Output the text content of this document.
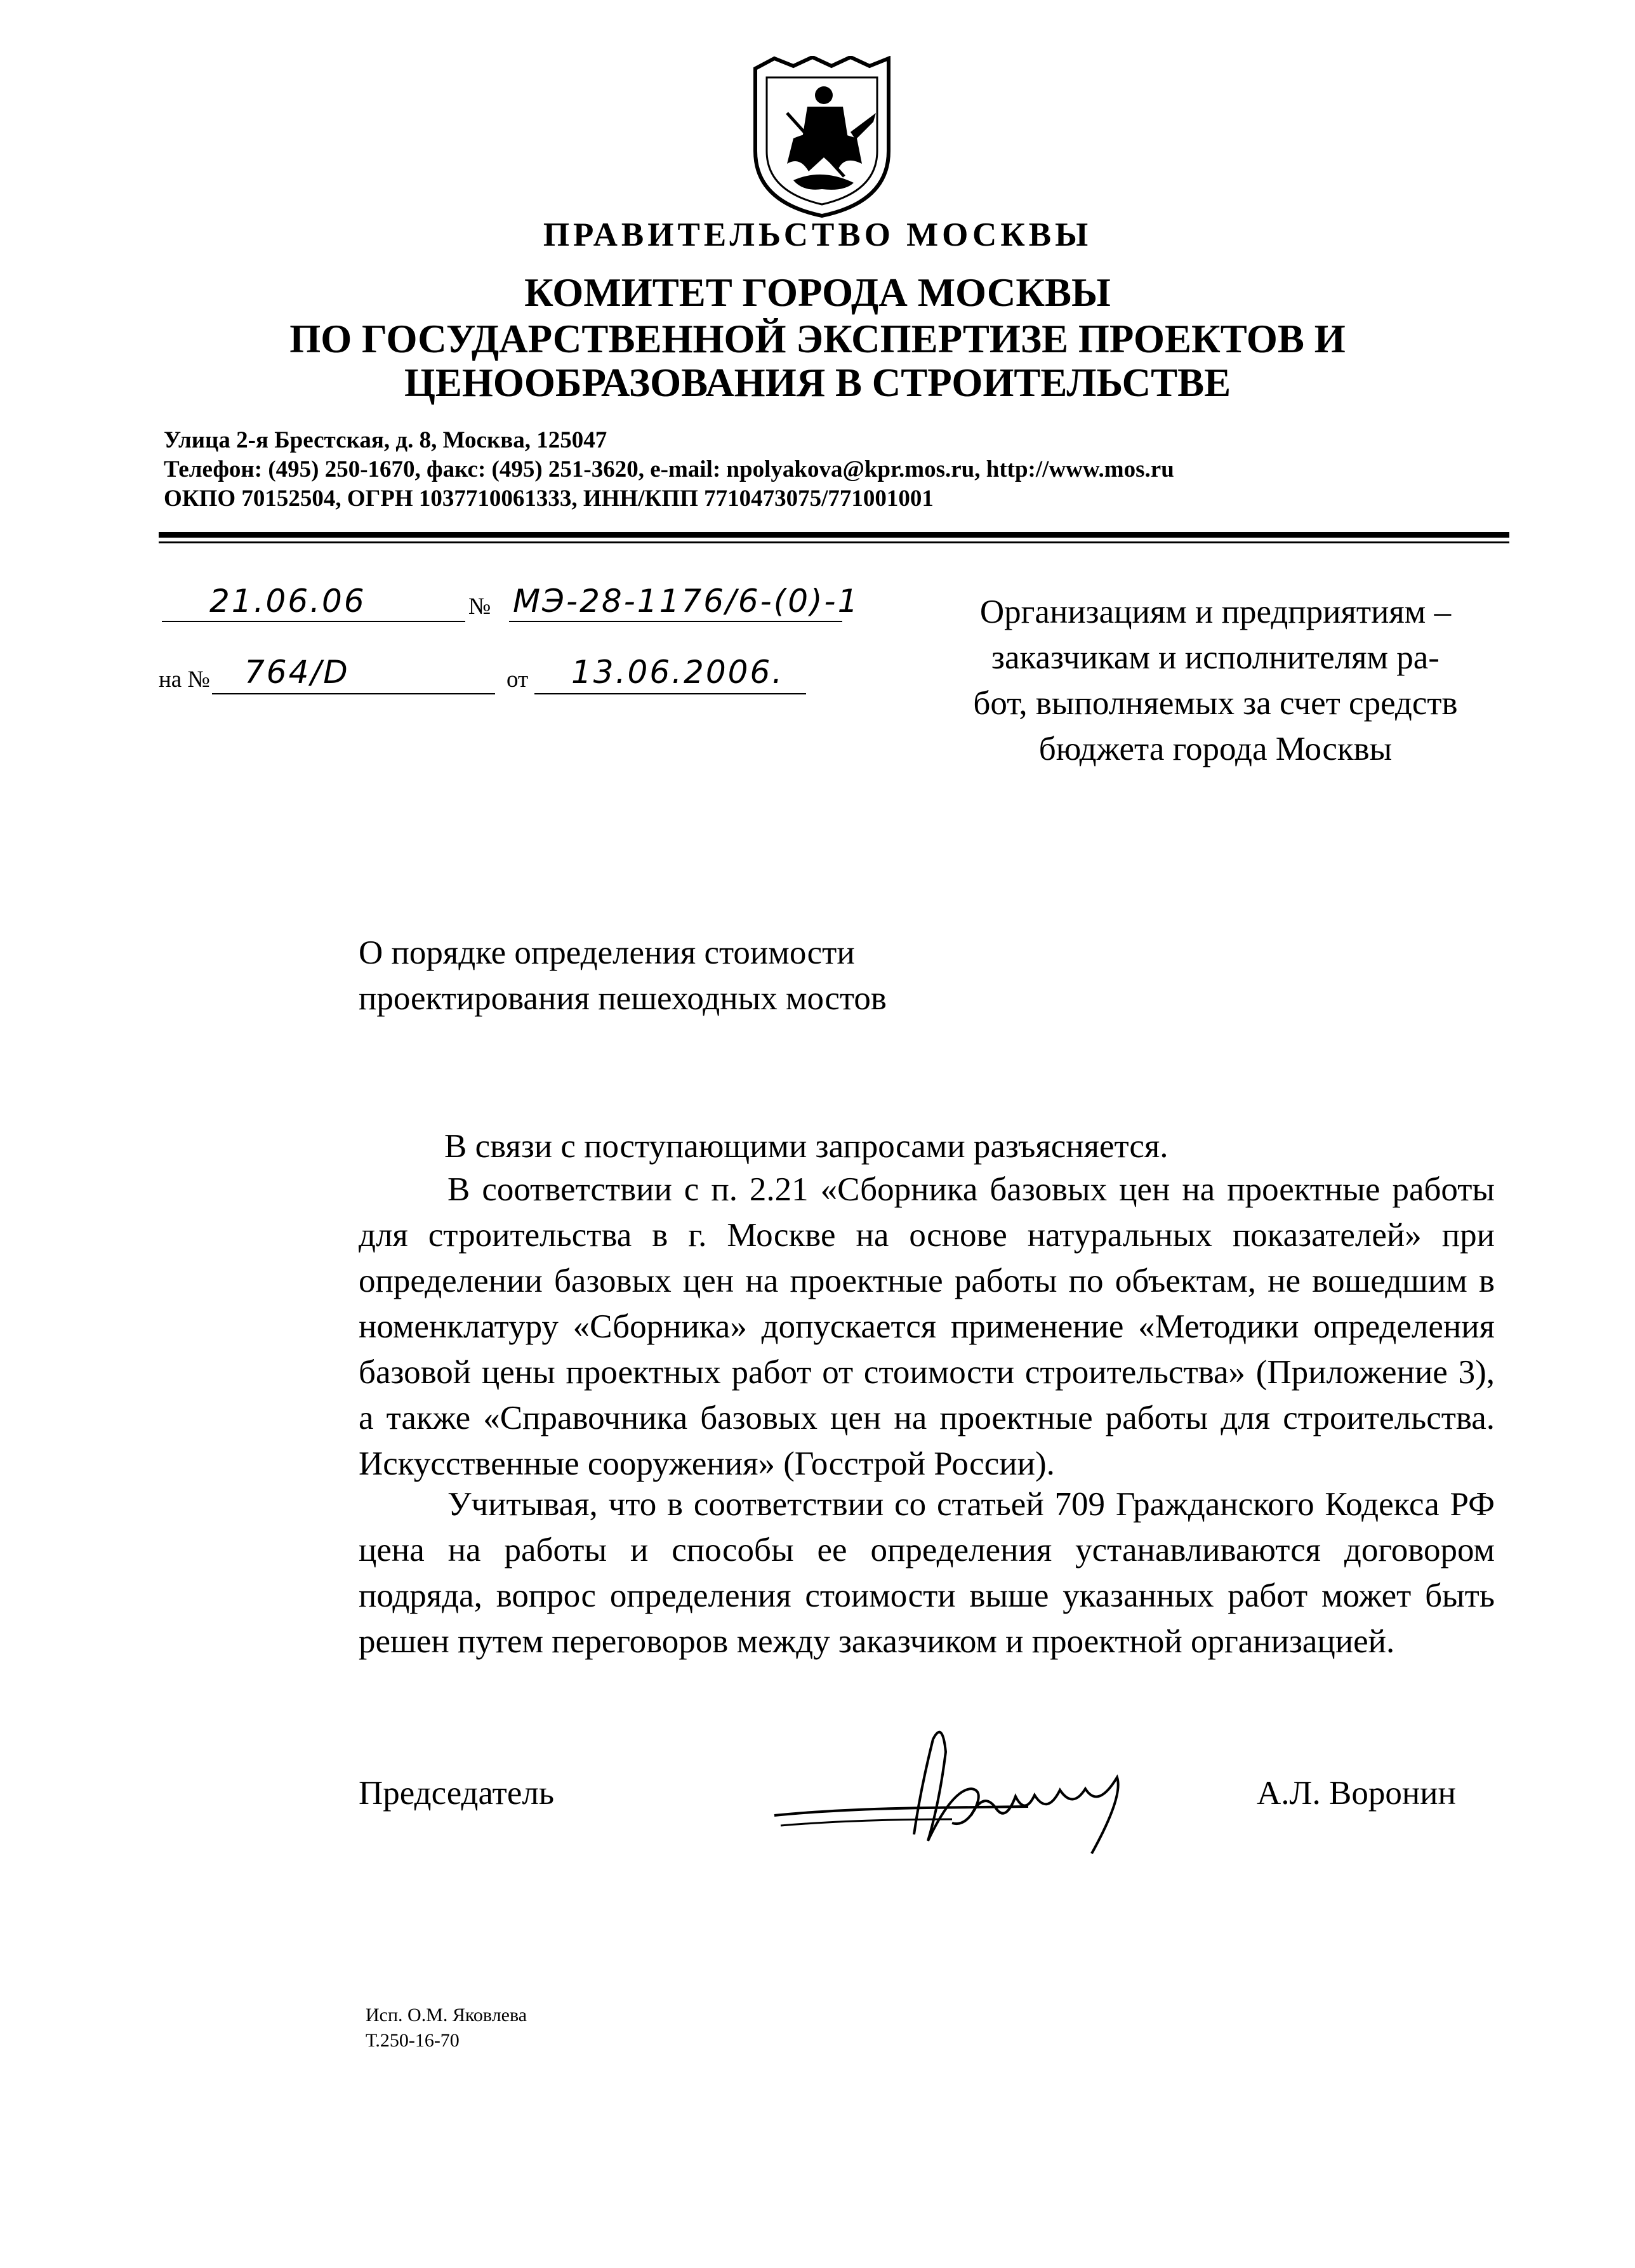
ПРАВИТЕЛЬСТВО МОСКВЫ
КОМИТЕТ ГОРОДА МОСКВЫ
ПО ГОСУДАРСТВЕННОЙ ЭКСПЕРТИЗЕ ПРОЕКТОВ И
ЦЕНООБРАЗОВАНИЯ В СТРОИТЕЛЬСТВЕ
Улица 2-я Брестская, д. 8, Москва, 125047
Телефон: (495) 250-1670, факс: (495) 251-3620, e-mail: npolyakova@kpr.mos.ru, http://www.mos.ru
ОКПО 70152504, ОГРН 1037710061333, ИНН/КПП 7710473075/771001001
21.06.06	№ МЭ-28-1176/6-(0)-1
на № 764/D	от 13.06.2006.
Организациям и предприятиям –
заказчикам и исполнителям ра-
бот, выполняемых за счет средств
бюджета города Москвы
О порядке определения стоимости
проектирования пешеходных мостов
В связи с поступающими запросами разъясняется.
В соответствии с п. 2.21 «Сборника базовых цен на проектные работы для строительства в г. Москве на основе натуральных показателей» при определении базовых цен на проектные работы по объектам, не вошедшим в номенклатуру «Сборника» допускается применение «Методики определения базовой цены проектных работ от стоимости строительства» (Приложение 3), а также «Справочника базовых цен на проектные работы для строительства. Искусственные сооружения» (Госстрой России).
Учитывая, что в соответствии со статьей 709 Гражданского Кодекса РФ цена на работы и способы ее определения устанавливаются договором подряда, вопрос определения стоимости выше указанных работ может быть решен путем переговоров между заказчиком и проектной организацией.
Председатель	А.Л. Воронин
Исп. О.М. Яковлева
Т.250-16-70
